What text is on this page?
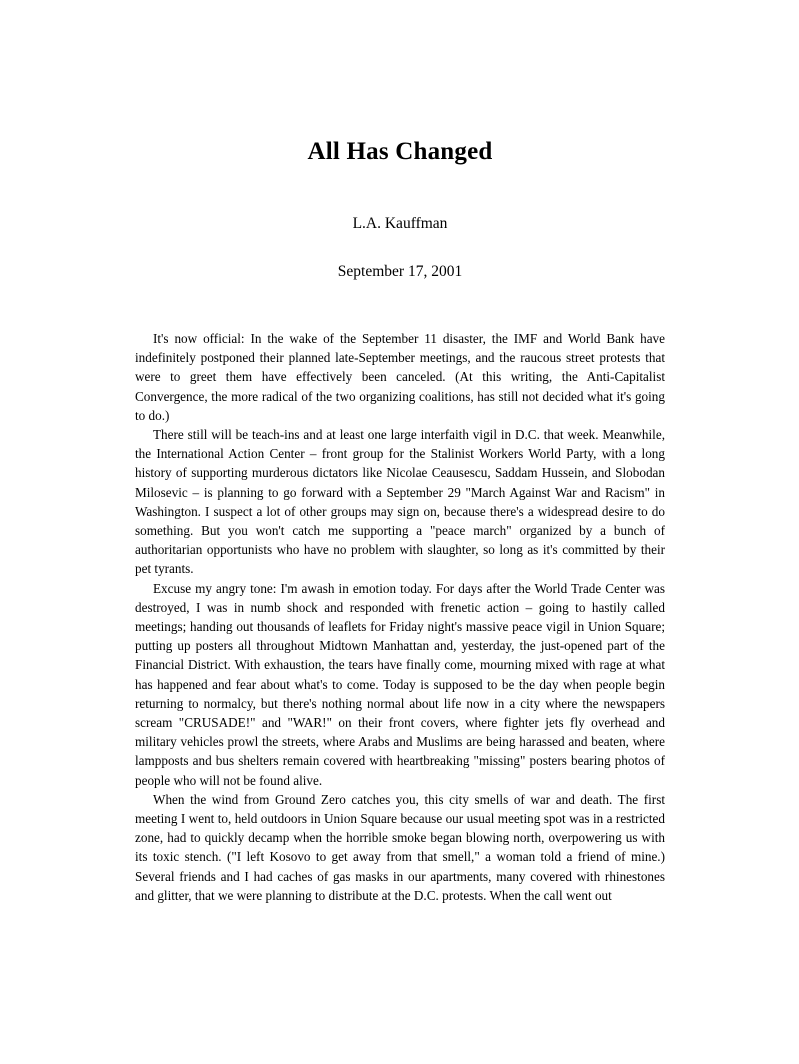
All Has Changed
L.A. Kauffman
September 17, 2001

It's now official: In the wake of the September 11 disaster, the IMF and World Bank have indefinitely postponed their planned late-September meetings, and the raucous street protests that were to greet them have effectively been canceled. (At this writing, the Anti-Capitalist Convergence, the more radical of the two organizing coalitions, has still not decided what it's going to do.)

There still will be teach-ins and at least one large interfaith vigil in D.C. that week. Meanwhile, the International Action Center – front group for the Stalinist Workers World Party, with a long history of supporting murderous dictators like Nicolae Ceausescu, Saddam Hussein, and Slobodan Milosevic – is planning to go forward with a September 29 "March Against War and Racism" in Washington. I suspect a lot of other groups may sign on, because there's a widespread desire to do something. But you won't catch me supporting a "peace march" organized by a bunch of authoritarian opportunists who have no problem with slaughter, so long as it's committed by their pet tyrants.

Excuse my angry tone: I'm awash in emotion today. For days after the World Trade Center was destroyed, I was in numb shock and responded with frenetic action – going to hastily called meetings; handing out thousands of leaflets for Friday night's massive peace vigil in Union Square; putting up posters all throughout Midtown Manhattan and, yesterday, the just-opened part of the Financial District. With exhaustion, the tears have finally come, mourning mixed with rage at what has happened and fear about what's to come. Today is supposed to be the day when people begin returning to normalcy, but there's nothing normal about life now in a city where the newspapers scream "CRUSADE!" and "WAR!" on their front covers, where fighter jets fly overhead and military vehicles prowl the streets, where Arabs and Muslims are being harassed and beaten, where lampposts and bus shelters remain covered with heartbreaking "missing" posters bearing photos of people who will not be found alive.

When the wind from Ground Zero catches you, this city smells of war and death. The first meeting I went to, held outdoors in Union Square because our usual meeting spot was in a restricted zone, had to quickly decamp when the horrible smoke began blowing north, overpowering us with its toxic stench. ("I left Kosovo to get away from that smell," a woman told a friend of mine.) Several friends and I had caches of gas masks in our apartments, many covered with rhinestones and glitter, that we were planning to distribute at the D.C. protests. When the call went out
